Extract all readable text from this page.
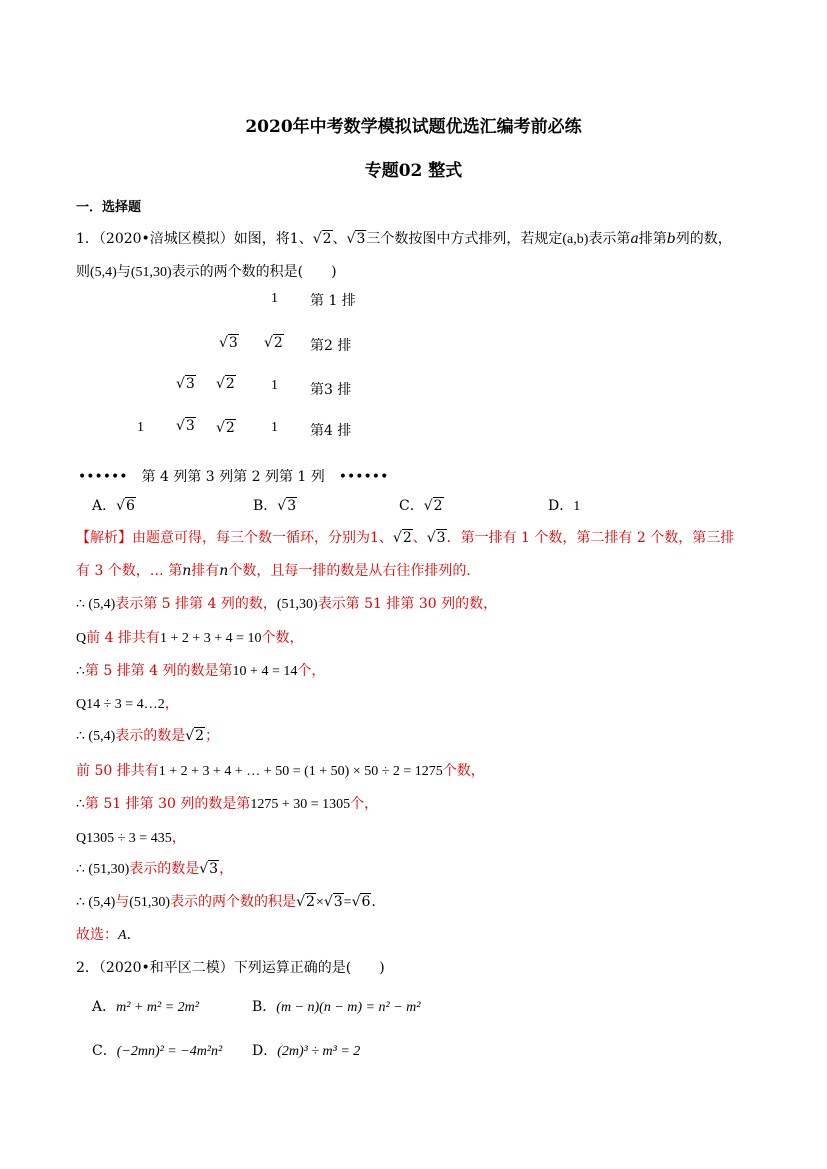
2020年中考数学模拟试题优选汇编考前必练
专题02 整式
一．选择题
1．（2020•涪城区模拟）如图，将1、√2、√3三个数按图中方式排列，若规定(a,b)表示第a排第b列的数，
则(5,4)与(51,30)表示的两个数的积是(　　)
1 第 1 排
√3 √2 第2 排
√3 √2	1 第3 排
1 √3 √2	1 第4 排
••••••　第 4 列第 3 列第 2 列第 1 列　••••••
A．√6	B．√3	C．√2	D．1
【解析】由题意可得，每三个数一循环，分别为1、√2、√3．第一排有 1 个数，第二排有 2 个数，第三排
有 3 个数，… 第n排有n个数，且每一排的数是从右往作排列的．
∴ (5,4)表示第 5 排第 4 列的数，(51,30)表示第 51 排第 30 列的数，
Q前 4 排共有1 + 2 + 3 + 4 = 10个数，
∴第 5 排第 4 列的数是第10 + 4 = 14个，
Q14 ÷ 3 = 4…2，
∴ (5,4)表示的数是√2；
前 50 排共有1 + 2 + 3 + 4 + … + 50 = (1 + 50) × 50 ÷ 2 = 1275个数，
∴第 51 排第 30 列的数是第1275 + 30 = 1305个，
Q1305 ÷ 3 = 435，
∴ (51,30)表示的数是√3，
∴ (5,4)与(51,30)表示的两个数的积是√2×√3=√6．
故选：A．
2．（2020•和平区二模）下列运算正确的是(　　)
A．m² + m² = 2m²	B．(m − n)(n − m) = n² − m²
C．(−2mn)² = −4m²n² D．(2m)³ ÷ m³ = 2
